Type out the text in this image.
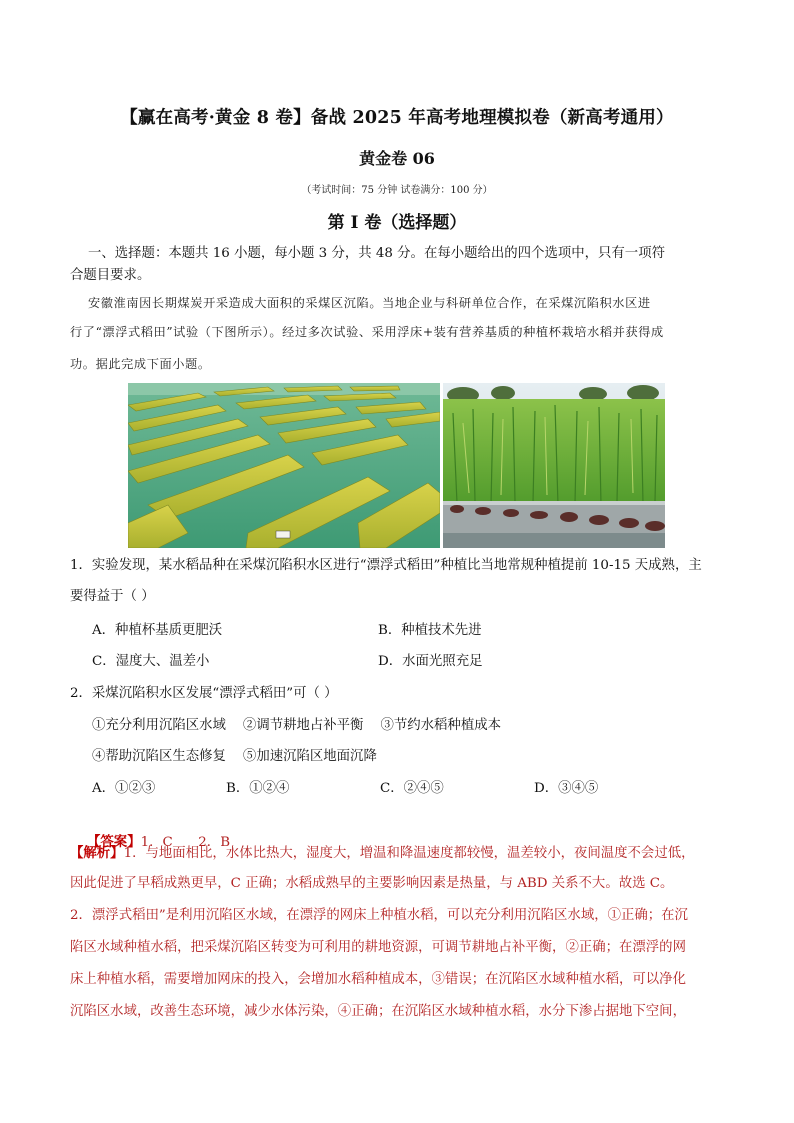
【赢在高考·黄金 8 卷】备战 2025 年高考地理模拟卷（新高考通用）
黄金卷 06
（考试时间：75 分钟 试卷满分：100 分）
第 I 卷（选择题）
一、选择题：本题共 16 小题，每小题 3 分，共 48 分。在每小题给出的四个选项中，只有一项符
合题目要求。
安徽淮南因长期煤炭开采造成大面积的采煤区沉陷。当地企业与科研单位合作，在采煤沉陷积水区进
行了“漂浮式稻田”试验（下图所示）。经过多次试验、采用浮床+装有营养基质的种植杯栽培水稻并获得成
功。据此完成下面小题。
1．实验发现，某水稻品种在采煤沉陷积水区进行“漂浮式稻田”种植比当地常规种植提前 10-15 天成熟，主
要得益于（ ）
A．种植杯基质更肥沃	B．种植技术先进
C．湿度大、温差小	D．水面光照充足
2．采煤沉陷积水区发展“漂浮式稻田”可（ ）
①充分利用沉陷区水域    ②调节耕地占补平衡    ③节约水稻种植成本
④帮助沉陷区生态修复    ⑤加速沉陷区地面沉降
A．①②③	B．①②④	C．②④⑤	D．③④⑤

【答案】1．C      2．B

【解析】1．与地面相比，水体比热大，湿度大，增温和降温速度都较慢，温差较小，夜间温度不会过低，
因此促进了早稻成熟更早，C 正确；水稻成熟早的主要影响因素是热量，与 ABD 关系不大。故选 C。
2．漂浮式稻田”是利用沉陷区水域，在漂浮的网床上种植水稻，可以充分利用沉陷区水域，①正确；在沉
陷区水域种植水稻，把采煤沉陷区转变为可利用的耕地资源，可调节耕地占补平衡，②正确；在漂浮的网
床上种植水稻，需要增加网床的投入，会增加水稻种植成本，③错误；在沉陷区水域种植水稻，可以净化
沉陷区水域，改善生态环境，减少水体污染，④正确；在沉陷区水域种植水稻，水分下渗占据地下空间，
